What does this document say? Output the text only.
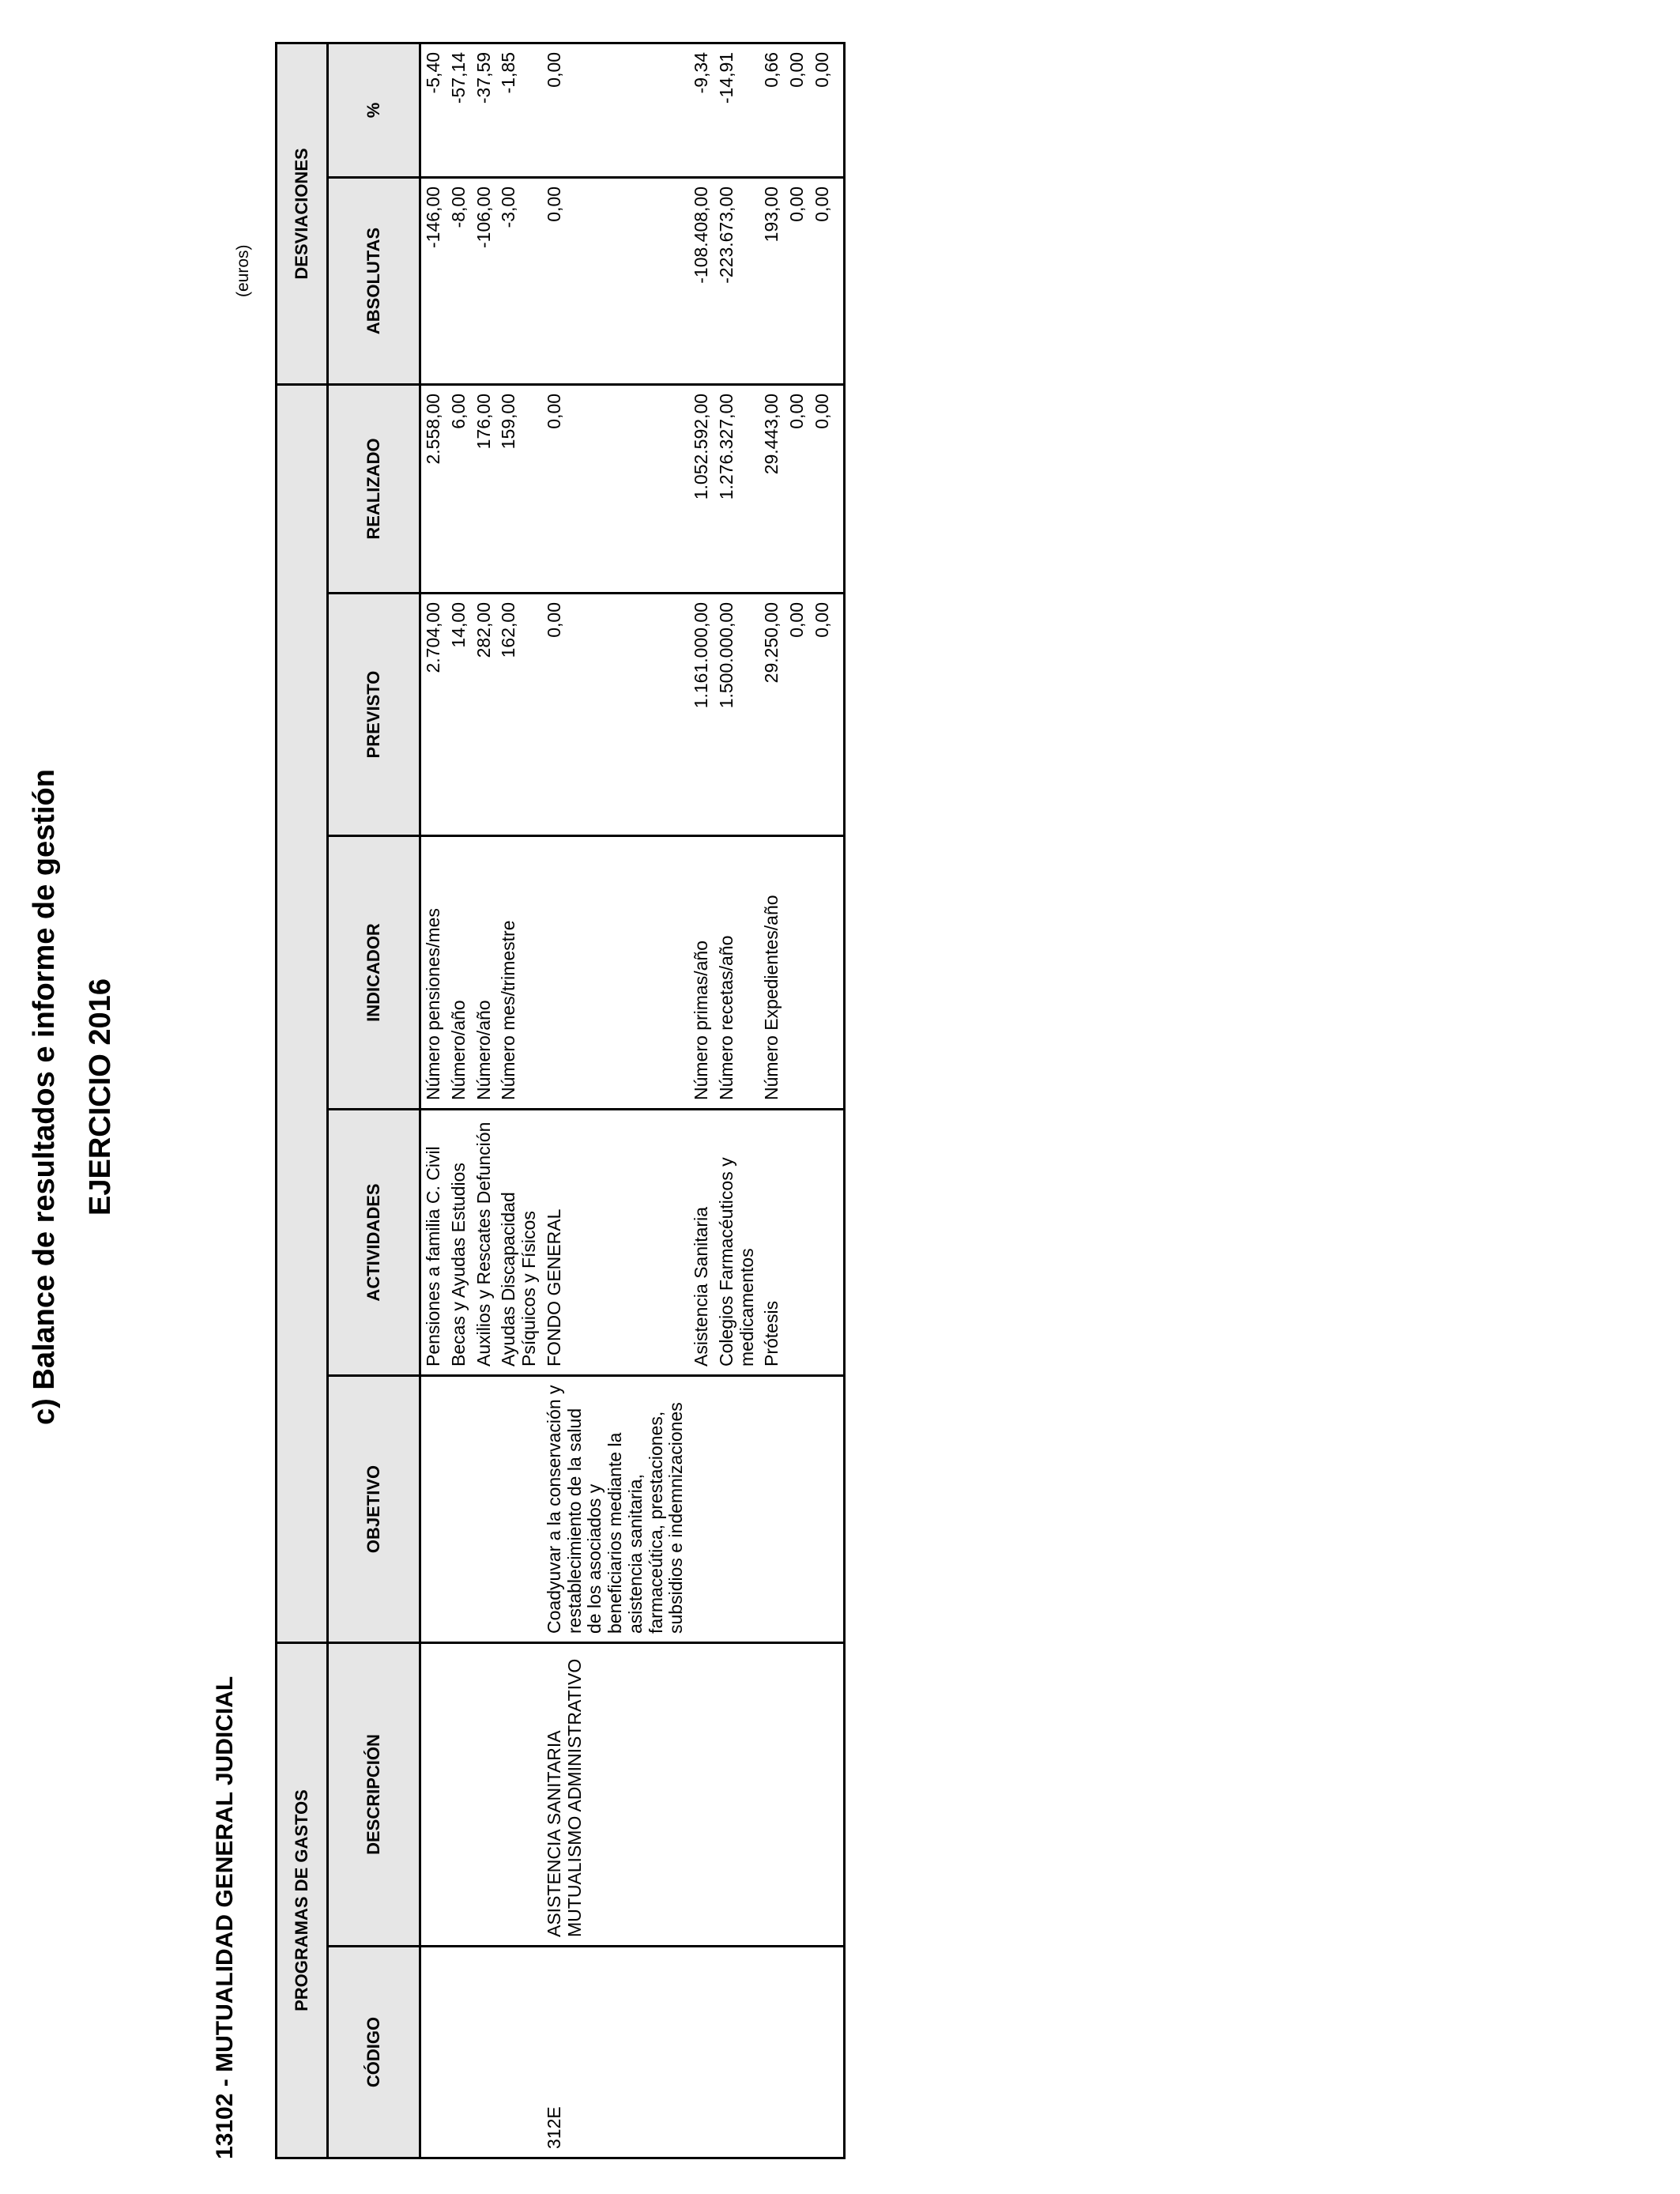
c) Balance de resultados e informe de gestión EJERCICIO 2016
13102 - MUTUALIDAD GENERAL JUDICIAL
(euros)
PROGRAMAS DE GASTOS							DESVIACIONES	
CÓDIGO	DESCRIPCIÓN	OBJETIVO	ACTIVIDADES	INDICADOR	PREVISTO	REALIZADO	ABSOLUTAS	%
			Pensiones a familia C. Civil	Número pensiones/mes	2.704,00	2.558,00	-146,00	-5,40
			Becas y Ayudas Estudios	Número/año	14,00	6,00	-8,00	-57,14
			Auxilios y Rescates Defunción	Número/año	282,00	176,00	-106,00	-37,59
			Ayudas Discapacidad Psíquicos y Físicos	Número mes/trimestre	162,00	159,00	-3,00	-1,85
312E	ASISTENCIA SANITARIA MUTUALISMO ADMINISTRATIVO	Coadyuvar a la conservación y restablecimiento de la salud de los asociados y beneficiarios mediante la asistencia sanitaria, farmaceútica, prestaciones, subsidios e indemnizaciones	FONDO GENERAL		0,00	0,00	0,00	0,00
			Asistencia Sanitaria	Número primas/año	1.161.000,00	1.052.592,00	-108.408,00	-9,34
			Colegios Farmacéuticos y medicamentos	Número recetas/año	1.500.000,00	1.276.327,00	-223.673,00	-14,91
			Prótesis	Número Expedientes/año	29.250,00	29.443,00	193,00	0,66
					0,00	0,00	0,00	0,00
					0,00	0,00	0,00	0,00
